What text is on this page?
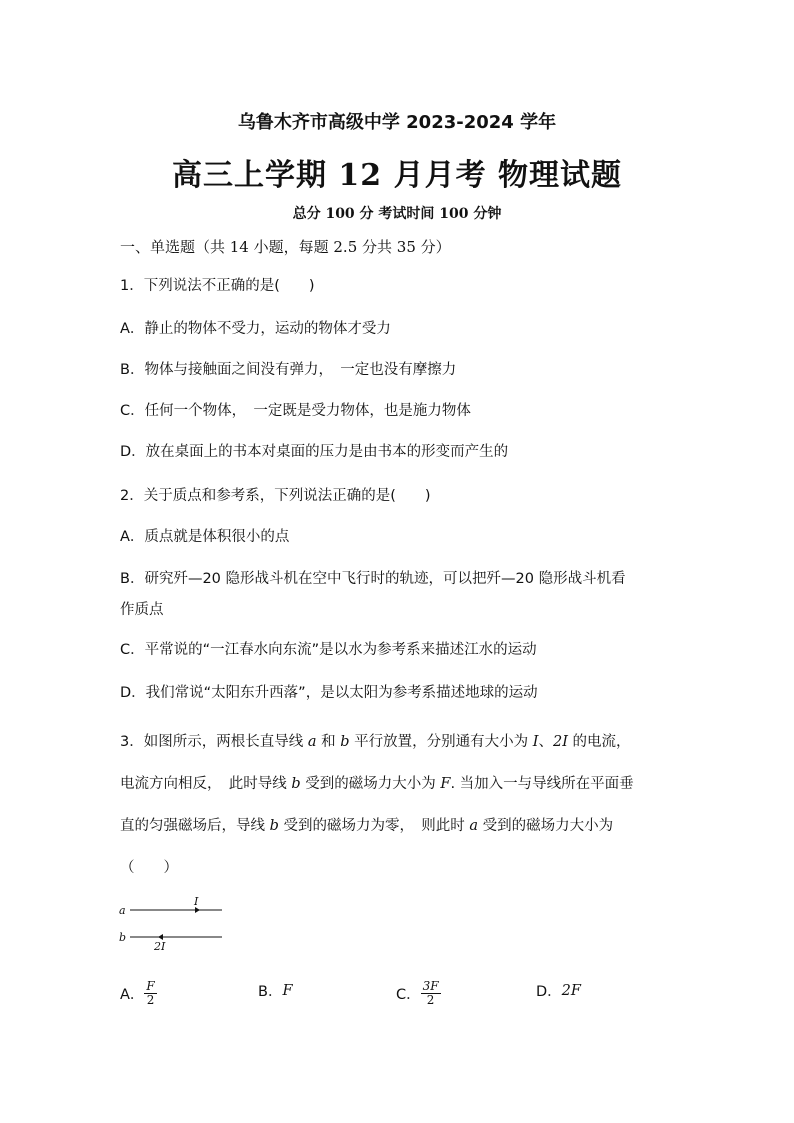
乌鲁木齐市高级中学 2023-2024 学年
高三上学期 12 月月考 物理试题
总分 100 分 考试时间 100 分钟
一、单选题（共 14 小题，每题 2.5 分共 35 分）
1．下列说法不正确的是(　　)
A．静止的物体不受力，运动的物体才受力
B．物体与接触面之间没有弹力，　一定也没有摩擦力
C．任何一个物体，　一定既是受力物体，也是施力物体
D．放在桌面上的书本对桌面的压力是由书本的形变而产生的
2．关于质点和参考系，下列说法正确的是(　　)
A．质点就是体积很小的点
B．研究歼—20 隐形战斗机在空中飞行时的轨迹，可以把歼—20 隐形战斗机看
作质点
C．平常说的“一江春水向东流”是以水为参考系来描述江水的运动
D．我们常说“太阳东升西落”，是以太阳为参考系描述地球的运动
3．如图所示，两根长直导线 a 和 b 平行放置，分别通有大小为 I、2I 的电流，
电流方向相反，　此时导线 b 受到的磁场力大小为 F. 当加入一与导线所在平面垂
直的匀强磁场后，导线 b 受到的磁场力为零，　则此时 a 受到的磁场力大小为
（　　）
a
I
b
2I
A． $\frac{F}{2}$	B． F	C． $\frac{3F}{2}$	D． 2F
